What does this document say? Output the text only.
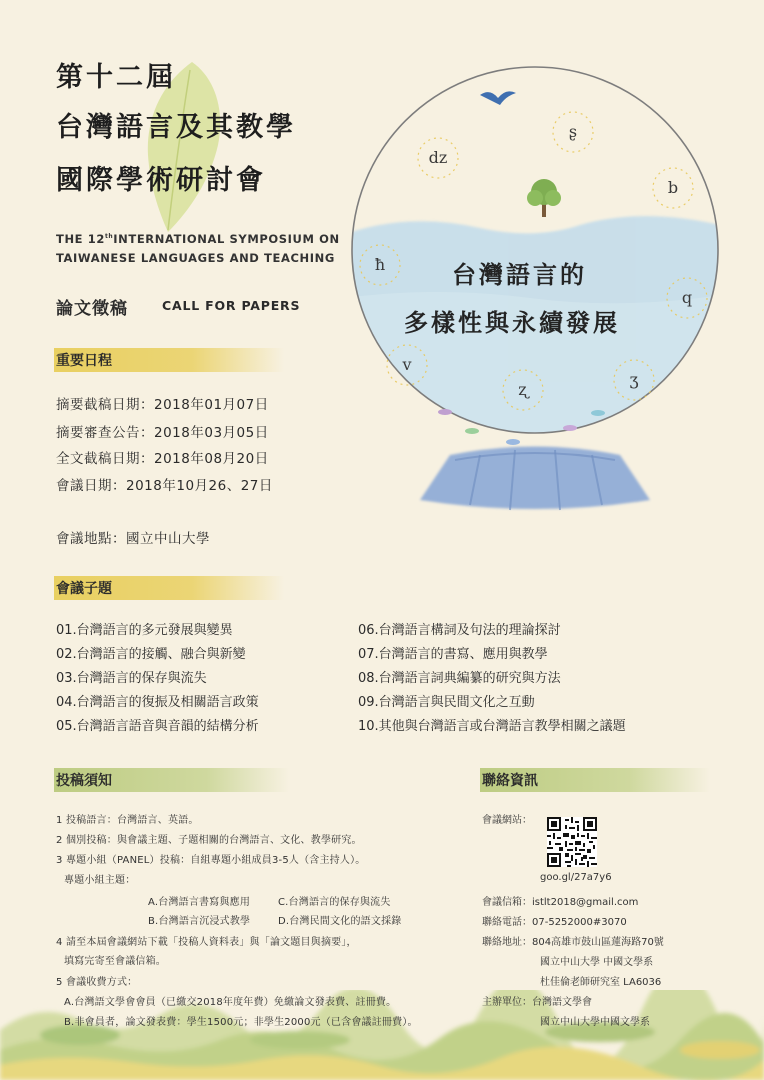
第十二屆
台灣語言及其教學
國際學術研討會
THE 12thINTERNATIONAL SYMPOSIUM ON
TAIWANESE LANGUAGES AND TEACHING
論文徵稿	CALL FOR PAPERS
重要日程
摘要截稿日期：2018年01月07日
摘要審查公告：2018年03月05日
全文截稿日期：2018年08月20日
會議日期：2018年10月26、27日
會議地點：國立中山大學
會議子題
01.台灣語言的多元發展與變異
02.台灣語言的接觸、融合與新變
03.台灣語言的保存與流失
04.台灣語言的復振及相關語言政策
05.台灣語言語音與音韻的結構分析
06.台灣語言構詞及句法的理論探討
07.台灣語言的書寫、應用與教學
08.台灣語言詞典編纂的研究與方法
09.台灣語言與民間文化之互動
10.其他與台灣語言或台灣語言教學相關之議題
投稿須知
1 投稿語言：台灣語言、英語。
2 個別投稿：與會議主題、子題相關的台灣語言、文化、教學研究。
3 專題小組（PANEL）投稿：自組專題小組成員3-5人（含主持人）。
專題小組主題：
A.台灣語言書寫與應用	C.台灣語言的保存與流失
B.台灣語言沉浸式教學	D.台灣民間文化的語文採錄
4 請至本屆會議網站下載「投稿人資料表」與「論文題目與摘要」，
填寫完寄至會議信箱。
5 會議收費方式：
A.台灣語文學會會員（已繳交2018年度年費）免繳論文發表費、註冊費。
B.非會員者，論文發表費：學生1500元；非學生2000元（已含會議註冊費）。
聯絡資訊
會議網站：
goo.gl/27a7y6
會議信箱：istlt2018@gmail.com
聯絡電話：07-5252000#3070
聯絡地址：804高雄市鼓山區蓮海路70號
國立中山大學 中國文學系
杜佳倫老師研究室 LA6036
主辦單位：台灣語文學會
國立中山大學中國文學系
dz
ʂ
b
ħ
q
v
ʐ
ʒ
台灣語言的
多樣性與永續發展
